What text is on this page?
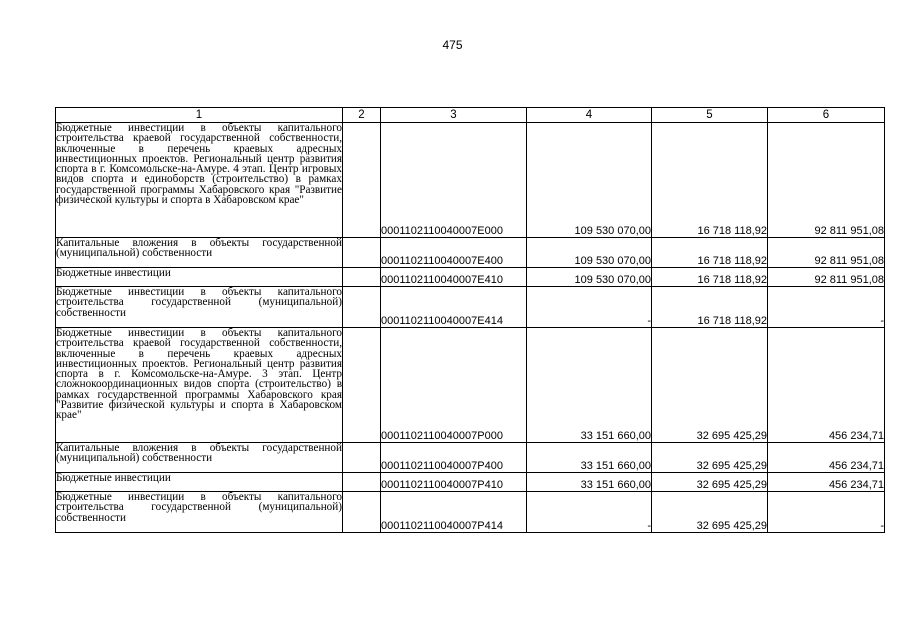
475
1	2	3	4	5	6
Бюджетные инвестиции в объекты капитального строительства краевой государственной собственности, включенные в перечень краевых адресных инвестиционных проектов. Региональный центр развития спорта в г. Комсомольске-на-Амуре. 4 этап. Центр игровых видов спорта и единоборств (строительство) в рамках государственной программы Хабаровского края "Развитие физической культуры и спорта в Хабаровском крае"		0001102110040007E000	109 530 070,00	16 718 118,92	92 811 951,08
Капитальные вложения в объекты государственной (муниципальной) собственности		0001102110040007E400	109 530 070,00	16 718 118,92	92 811 951,08
Бюджетные инвестиции		0001102110040007E410	109 530 070,00	16 718 118,92	92 811 951,08
Бюджетные инвестиции в объекты капитального строительства государственной (муниципальной) собственности		0001102110040007E414	-	16 718 118,92	-
Бюджетные инвестиции в объекты капитального строительства краевой государственной собственности, включенные в перечень краевых адресных инвестиционных проектов. Региональный центр развития спорта в г. Комсомольске-на-Амуре. 3 этап. Центр сложнокоординационных видов спорта (строительство) в рамках государственной программы Хабаровского края "Развитие физической культуры и спорта в Хабаровском крае"		0001102110040007P000	33 151 660,00	32 695 425,29	456 234,71
Капитальные вложения в объекты государственной (муниципальной) собственности		0001102110040007P400	33 151 660,00	32 695 425,29	456 234,71
Бюджетные инвестиции		0001102110040007P410	33 151 660,00	32 695 425,29	456 234,71
Бюджетные инвестиции в объекты капитального строительства государственной (муниципальной) собственности		0001102110040007P414	-	32 695 425,29	-
